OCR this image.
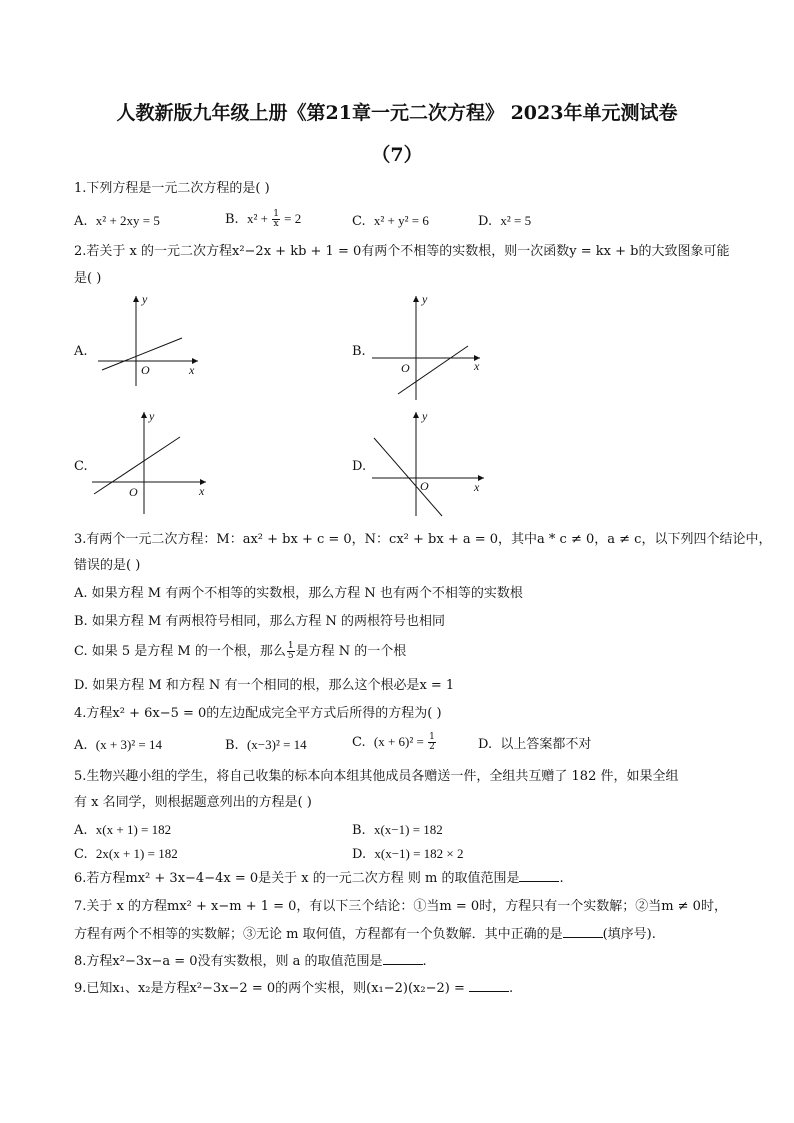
人教新版九年级上册《第21章一元二次方程》 2023年单元测试卷
（7）
1.下列方程是一元二次方程的是( )
A. x² + 2xy = 5	B. $x^2 + \frac{1}{x} = 2$	C. x² + y² = 6	D. x² = 5
2.若关于 x 的一元二次方程x²−2x + kb + 1 = 0有两个不相等的实数根，则一次函数y = kx + b的大致图象可能
是( )
A.
O	x
y
B.
O	x
y
C.
O	x
y
D.
O	x
y
3.有两个一元二次方程：M：ax² + bx + c = 0，N：cx² + bx + a = 0，其中a * c ≠ 0，a ≠ c，以下列四个结论中，
错误的是( )
A. 如果方程 M 有两个不相等的实数根，那么方程 N 也有两个不相等的实数根
B. 如果方程 M 有两根符号相同，那么方程 N 的两根符号也相同
C. 如果 5 是方程 M 的一个根，那么 $\frac{1}{5}$ 是方程 N 的一个根
D. 如果方程 M 和方程 N 有一个相同的根，那么这个根必是x = 1
4.方程x² + 6x−5 = 0的左边配成完全平方式后所得的方程为( )
A. (x + 3)² = 14	B. (x−3)² = 14	C. $(x + 6)^2 = \frac{1}{2}$	D. 以上答案都不对
5.生物兴趣小组的学生，将自己收集的标本向本组其他成员各赠送一件，全组共互赠了 182 件，如果全组
有 x 名同学，则根据题意列出的方程是( )
A. x(x + 1) = 182	B. x(x−1) = 182
C. 2x(x + 1) = 182	D. x(x−1) = 182 × 2
6.若方程mx² + 3x−4−4x = 0是关于 x 的一元二次方程 则 m 的取值范围是	.
7.关于 x 的方程mx² + x−m + 1 = 0，有以下三个结论：①当m = 0时，方程只有一个实数解；②当m ≠ 0时，
方程有两个不相等的实数解；③无论 m 取何值，方程都有一个负数解．其中正确的是	(填序号).
8.方程x²−3x−a = 0没有实数根，则 a 的取值范围是	.
9.已知x₁、x₂是方程x²−3x−2 = 0的两个实根，则(x₁−2)(x₂−2) =	.
